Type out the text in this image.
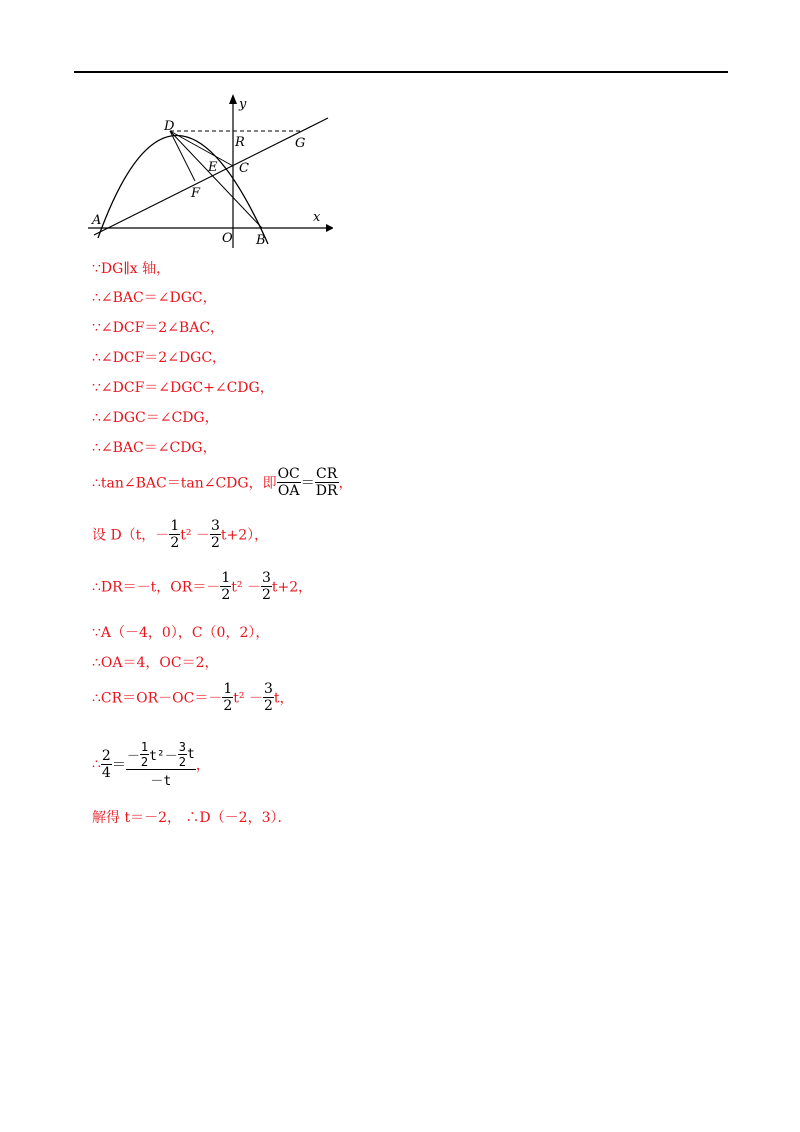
D
y
R	G
E C
F
A
O B
x
∵DG∥x 轴，
∴∠BAC＝∠DGC，
∵∠DCF＝2∠BAC，
∴∠DCF＝2∠DGC，
∵∠DCF＝∠DGC+∠CDG，
∴∠DGC＝∠CDG，
∴∠BAC＝∠CDG，
∴tan∠BAC＝tan∠CDG，即 $\frac{OC}{OA} = \frac{CR}{DR}$ ，
设 D（t，－ $\frac{1}{2} t^2 - \frac{3}{2} t+2$），
∴DR＝－t，$OR=- \frac{1}{2} t^2 - \frac{3}{2} t+2$，
∵A（－4，0），C（0，2），
∴OA＝4，OC＝2，
∴CR＝OR－OC＝－ $\frac{1}{2} t^2 - \frac{3}{2}$ t，
∴ $\frac{2}{4} = \frac{- \frac{1}{2} t^2- \frac{3}{2} t}{-t}$ ，
解得 t＝－2， ∴D（－2，3）．
